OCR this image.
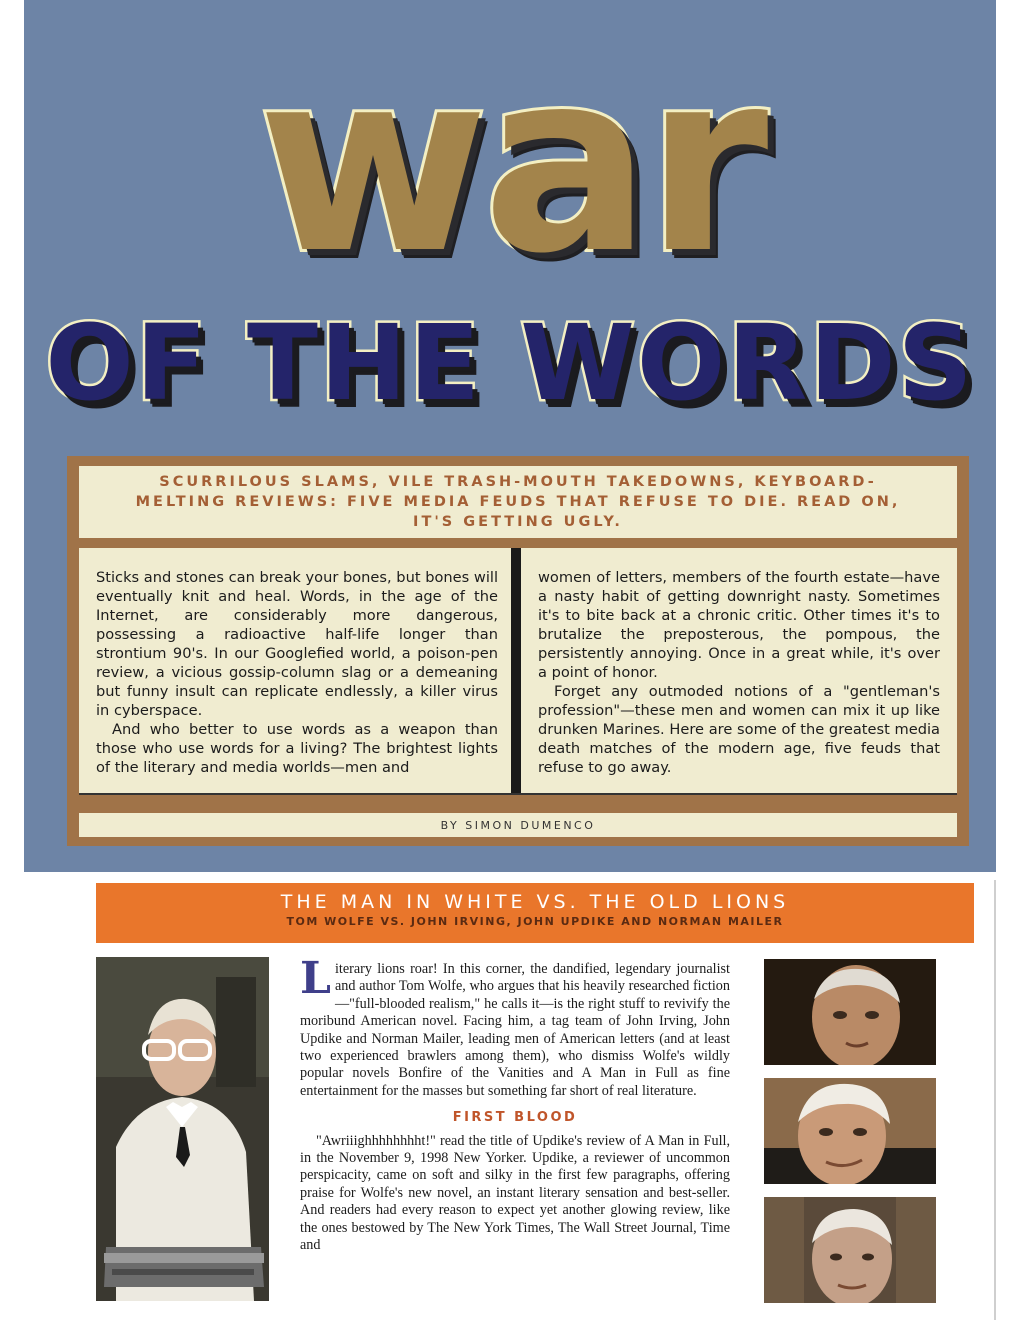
war
OF THE WORDS
SCURRILOUS SLAMS, VILE TRASH-MOUTH TAKEDOWNS, KEYBOARD-MELTING REVIEWS: FIVE MEDIA FEUDS THAT REFUSE TO DIE. READ ON, IT'S GETTING UGLY.

Sticks and stones can break your bones, but bones will eventually knit and heal. Words, in the age of the Internet, are considerably more dangerous, possessing a radioactive half-life longer than strontium 90's. In our Googlefied world, a poison-pen review, a vicious gossip-column slag or a demeaning but funny insult can replicate endlessly, a killer virus in cyberspace.

And who better to use words as a weapon than those who use words for a living? The brightest lights of the literary and media worlds—men and

women of letters, members of the fourth estate—have a nasty habit of getting downright nasty. Sometimes it's to bite back at a chronic critic. Other times it's to brutalize the preposterous, the pompous, the persistently annoying. Once in a great while, it's over a point of honor.

Forget any outmoded notions of a "gentleman's profession"—these men and women can mix it up like drunken Marines. Here are some of the greatest media death matches of the modern age, five feuds that refuse to go away.

BY SIMON DUMENCO
THE MAN IN WHITE VS. THE OLD LIONS
TOM WOLFE VS. JOHN IRVING, JOHN UPDIKE AND NORMAN MAILER

Literary lions roar! In this corner, the dandified, legendary journalist and author Tom Wolfe, who argues that his heavily researched fiction—"full-blooded realism," he calls it—is the right stuff to revivify the moribund American novel. Facing him, a tag team of John Irving, John Updike and Norman Mailer, leading men of American letters (and at least two experienced brawlers among them), who dismiss Wolfe's wildly popular novels Bonfire of the Vanities and A Man in Full as fine entertainment for the masses but something far short of real literature.

FIRST BLOOD

"Awriiighhhhhhhht!" read the title of Updike's review of A Man in Full, in the November 9, 1998 New Yorker. Updike, a reviewer of uncommon perspicacity, came on soft and silky in the first few paragraphs, offering praise for Wolfe's new novel, an instant literary sensation and best-seller. And readers had every reason to expect yet another glowing review, like the ones bestowed by The New York Times, The Wall Street Journal, Time and
